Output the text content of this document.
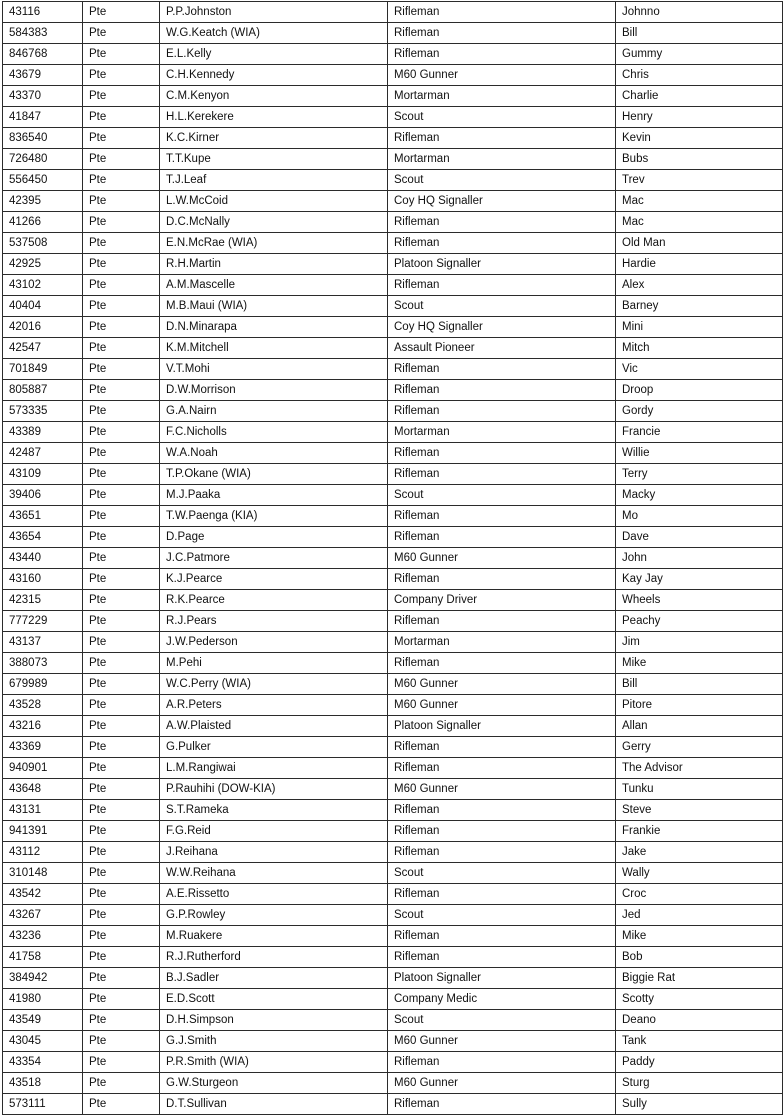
43116	Pte	P.P.Johnston	Rifleman	Johnno
584383	Pte	W.G.Keatch (WIA)	Rifleman	Bill
846768	Pte	E.L.Kelly	Rifleman	Gummy
43679	Pte	C.H.Kennedy	M60 Gunner	Chris
43370	Pte	C.M.Kenyon	Mortarman	Charlie
41847	Pte	H.L.Kerekere	Scout	Henry
836540	Pte	K.C.Kirner	Rifleman	Kevin
726480	Pte	T.T.Kupe	Mortarman	Bubs
556450	Pte	T.J.Leaf	Scout	Trev
42395	Pte	L.W.McCoid	Coy HQ Signaller	Mac
41266	Pte	D.C.McNally	Rifleman	Mac
537508	Pte	E.N.McRae (WIA)	Rifleman	Old Man
42925	Pte	R.H.Martin	Platoon Signaller	Hardie
43102	Pte	A.M.Mascelle	Rifleman	Alex
40404	Pte	M.B.Maui (WIA)	Scout	Barney
42016	Pte	D.N.Minarapa	Coy HQ Signaller	Mini
42547	Pte	K.M.Mitchell	Assault Pioneer	Mitch
701849	Pte	V.T.Mohi	Rifleman	Vic
805887	Pte	D.W.Morrison	Rifleman	Droop
573335	Pte	G.A.Nairn	Rifleman	Gordy
43389	Pte	F.C.Nicholls	Mortarman	Francie
42487	Pte	W.A.Noah	Rifleman	Willie
43109	Pte	T.P.Okane (WIA)	Rifleman	Terry
39406	Pte	M.J.Paaka	Scout	Macky
43651	Pte	T.W.Paenga (KIA)	Rifleman	Mo
43654	Pte	D.Page	Rifleman	Dave
43440	Pte	J.C.Patmore	M60 Gunner	John
43160	Pte	K.J.Pearce	Rifleman	Kay Jay
42315	Pte	R.K.Pearce	Company Driver	Wheels
777229	Pte	R.J.Pears	Rifleman	Peachy
43137	Pte	J.W.Pederson	Mortarman	Jim
388073	Pte	M.Pehi	Rifleman	Mike
679989	Pte	W.C.Perry (WIA)	M60 Gunner	Bill
43528	Pte	A.R.Peters	M60 Gunner	Pitore
43216	Pte	A.W.Plaisted	Platoon Signaller	Allan
43369	Pte	G.Pulker	Rifleman	Gerry
940901	Pte	L.M.Rangiwai	Rifleman	The Advisor
43648	Pte	P.Rauhihi (DOW-KIA)	M60 Gunner	Tunku
43131	Pte	S.T.Rameka	Rifleman	Steve
941391	Pte	F.G.Reid	Rifleman	Frankie
43112	Pte	J.Reihana	Rifleman	Jake
310148	Pte	W.W.Reihana	Scout	Wally
43542	Pte	A.E.Rissetto	Rifleman	Croc
43267	Pte	G.P.Rowley	Scout	Jed
43236	Pte	M.Ruakere	Rifleman	Mike
41758	Pte	R.J.Rutherford	Rifleman	Bob
384942	Pte	B.J.Sadler	Platoon Signaller	Biggie Rat
41980	Pte	E.D.Scott	Company Medic	Scotty
43549	Pte	D.H.Simpson	Scout	Deano
43045	Pte	G.J.Smith	M60 Gunner	Tank
43354	Pte	P.R.Smith (WIA)	Rifleman	Paddy
43518	Pte	G.W.Sturgeon	M60 Gunner	Sturg
573111	Pte	D.T.Sullivan	Rifleman	Sully
